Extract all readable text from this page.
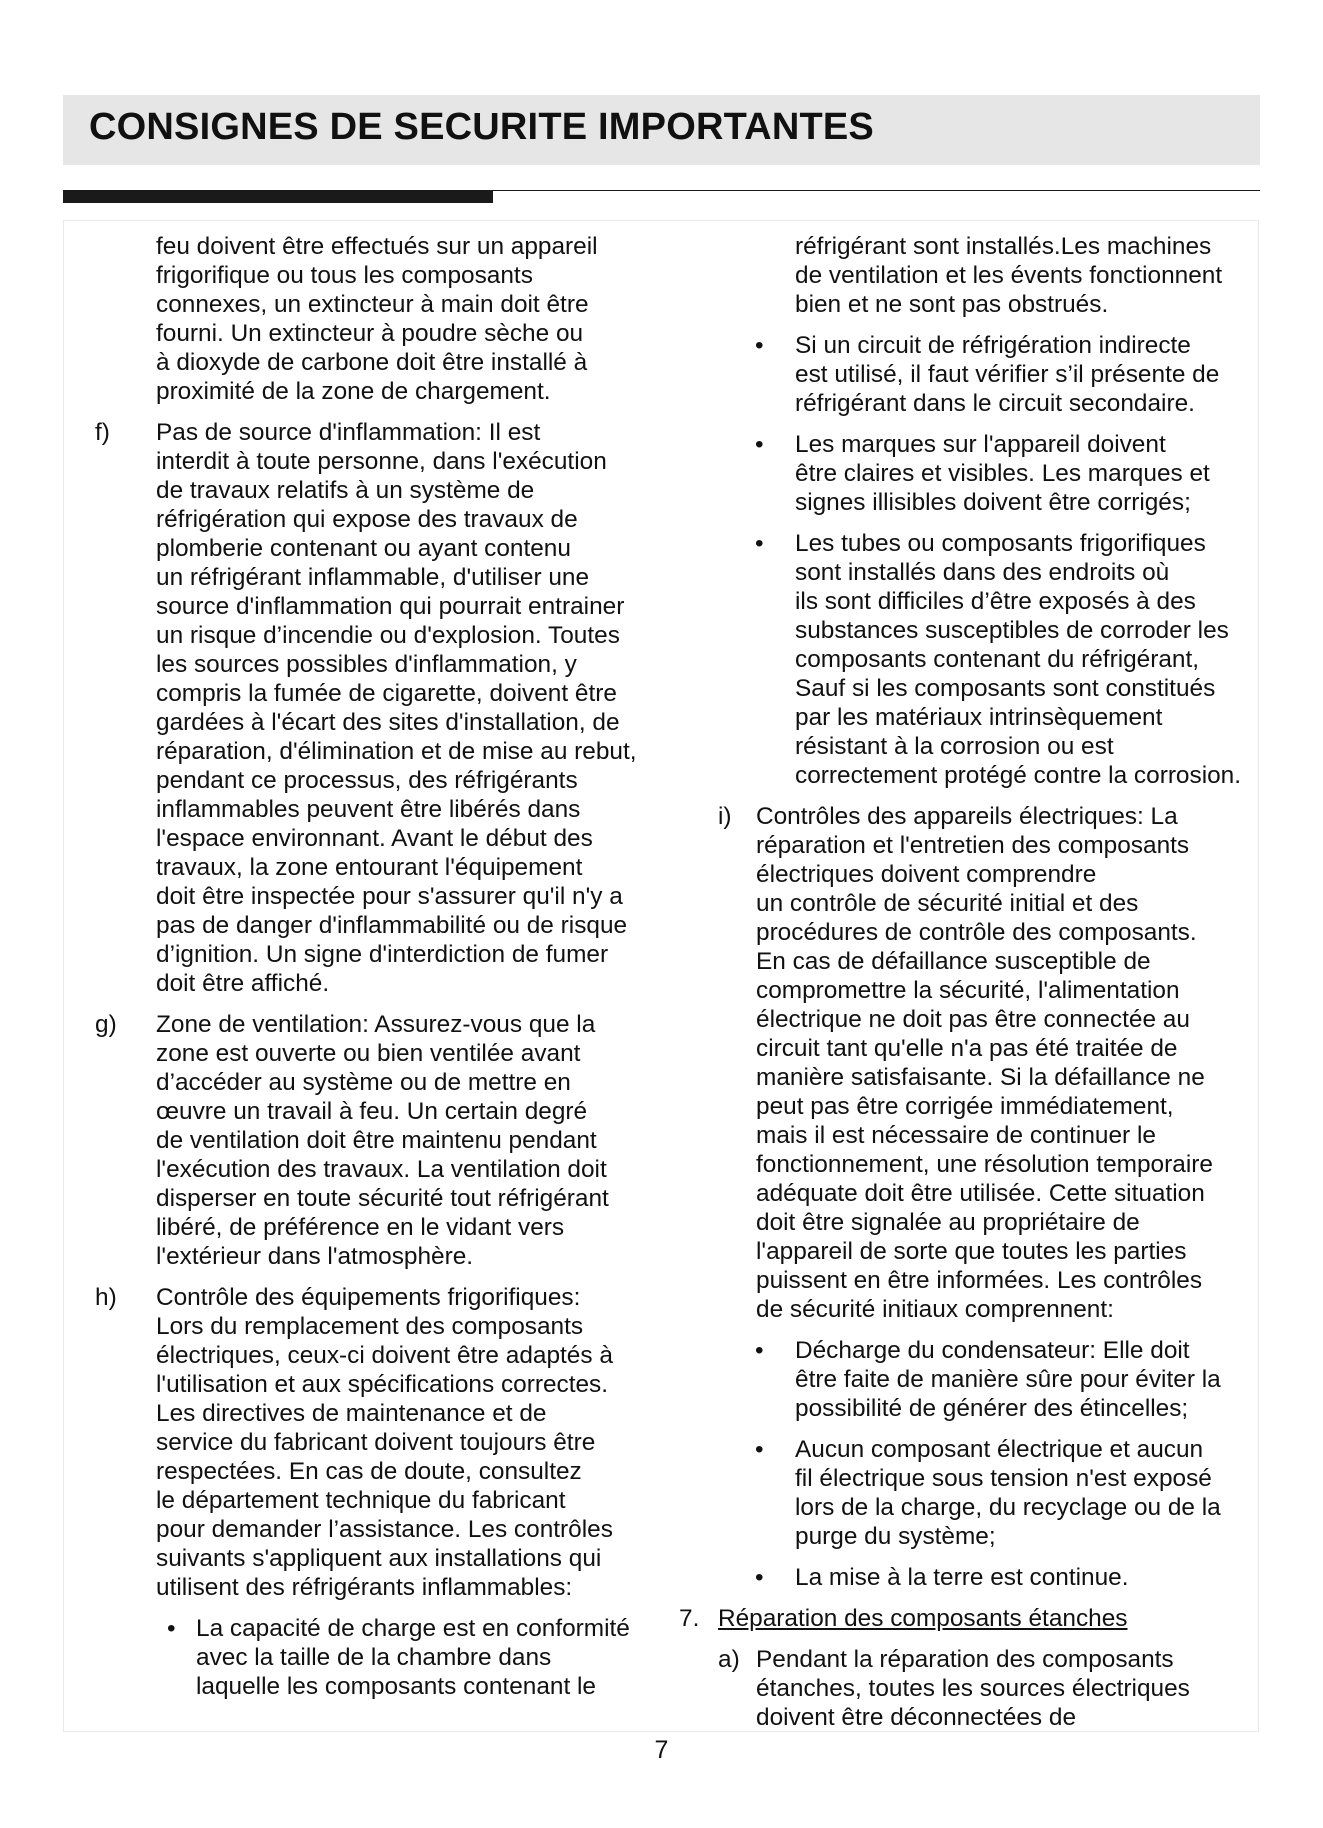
CONSIGNES DE SECURITE IMPORTANTES
feu doivent être effectués sur un appareil
frigorifique ou tous les composants
connexes, un extincteur à main doit être
fourni. Un extincteur à poudre sèche ou
à dioxyde de carbone doit être installé à
proximité de la zone de chargement.
f) Pas de source d'inflammation: Il est
interdit à toute personne, dans l'exécution
de travaux relatifs à un système de
réfrigération qui expose des travaux de
plomberie contenant ou ayant contenu
un réfrigérant inflammable, d'utiliser une
source d'inflammation qui pourrait entrainer
un risque d’incendie ou d'explosion. Toutes
les sources possibles d'inflammation, y
compris la fumée de cigarette, doivent être
gardées à l'écart des sites d'installation, de
réparation, d'élimination et de mise au rebut,
pendant ce processus, des réfrigérants
inflammables peuvent être libérés dans
l'espace environnant. Avant le début des
travaux, la zone entourant l'équipement
doit être inspectée pour s'assurer qu'il n'y a
pas de danger d'inflammabilité ou de risque
d’ignition. Un signe d'interdiction de fumer
doit être affiché.
g) Zone de ventilation: Assurez-vous que la
zone est ouverte ou bien ventilée avant
d’accéder au système ou de mettre en
œuvre un travail à feu. Un certain degré
de ventilation doit être maintenu pendant
l'exécution des travaux. La ventilation doit
disperser en toute sécurité tout réfrigérant
libéré, de préférence en le vidant vers
l'extérieur dans l'atmosphère.
h) Contrôle des équipements frigorifiques:
Lors du remplacement des composants
électriques, ceux-ci doivent être adaptés à
l'utilisation et aux spécifications correctes.
Les directives de maintenance et de
service du fabricant doivent toujours être
respectées. En cas de doute, consultez
le département technique du fabricant
pour demander l’assistance. Les contrôles
suivants s'appliquent aux installations qui
utilisent des réfrigérants inflammables:
• La capacité de charge est en conformité
avec la taille de la chambre dans
laquelle les composants contenant le
réfrigérant sont installés.Les machines
de ventilation et les évents fonctionnent
bien et ne sont pas obstrués.
• Si un circuit de réfrigération indirecte
est utilisé, il faut vérifier s’il présente de
réfrigérant dans le circuit secondaire.
• Les marques sur l'appareil doivent
être claires et visibles. Les marques et
signes illisibles doivent être corrigés;
• Les tubes ou composants frigorifiques
sont installés dans des endroits où
ils sont difficiles d’être exposés à des
substances susceptibles de corroder les
composants contenant du réfrigérant,
Sauf si les composants sont constitués
par les matériaux intrinsèquement
résistant à la corrosion ou est
correctement protégé contre la corrosion.
i) Contrôles des appareils électriques: La
réparation et l'entretien des composants
électriques doivent comprendre
un contrôle de sécurité initial et des
procédures de contrôle des composants.
En cas de défaillance susceptible de
compromettre la sécurité, l'alimentation
électrique ne doit pas être connectée au
circuit tant qu'elle n'a pas été traitée de
manière satisfaisante. Si la défaillance ne
peut pas être corrigée immédiatement,
mais il est nécessaire de continuer le
fonctionnement, une résolution temporaire
adéquate doit être utilisée. Cette situation
doit être signalée au propriétaire de
l'appareil de sorte que toutes les parties
puissent en être informées. Les contrôles
de sécurité initiaux comprennent:
• Décharge du condensateur: Elle doit
être faite de manière sûre pour éviter la
possibilité de générer des étincelles;
• Aucun composant électrique et aucun
fil électrique sous tension n'est exposé
lors de la charge, du recyclage ou de la
purge du système;
• La mise à la terre est continue.
7. Réparation des composants étanches
a) Pendant la réparation des composants
étanches, toutes les sources électriques
doivent être déconnectées de
7
